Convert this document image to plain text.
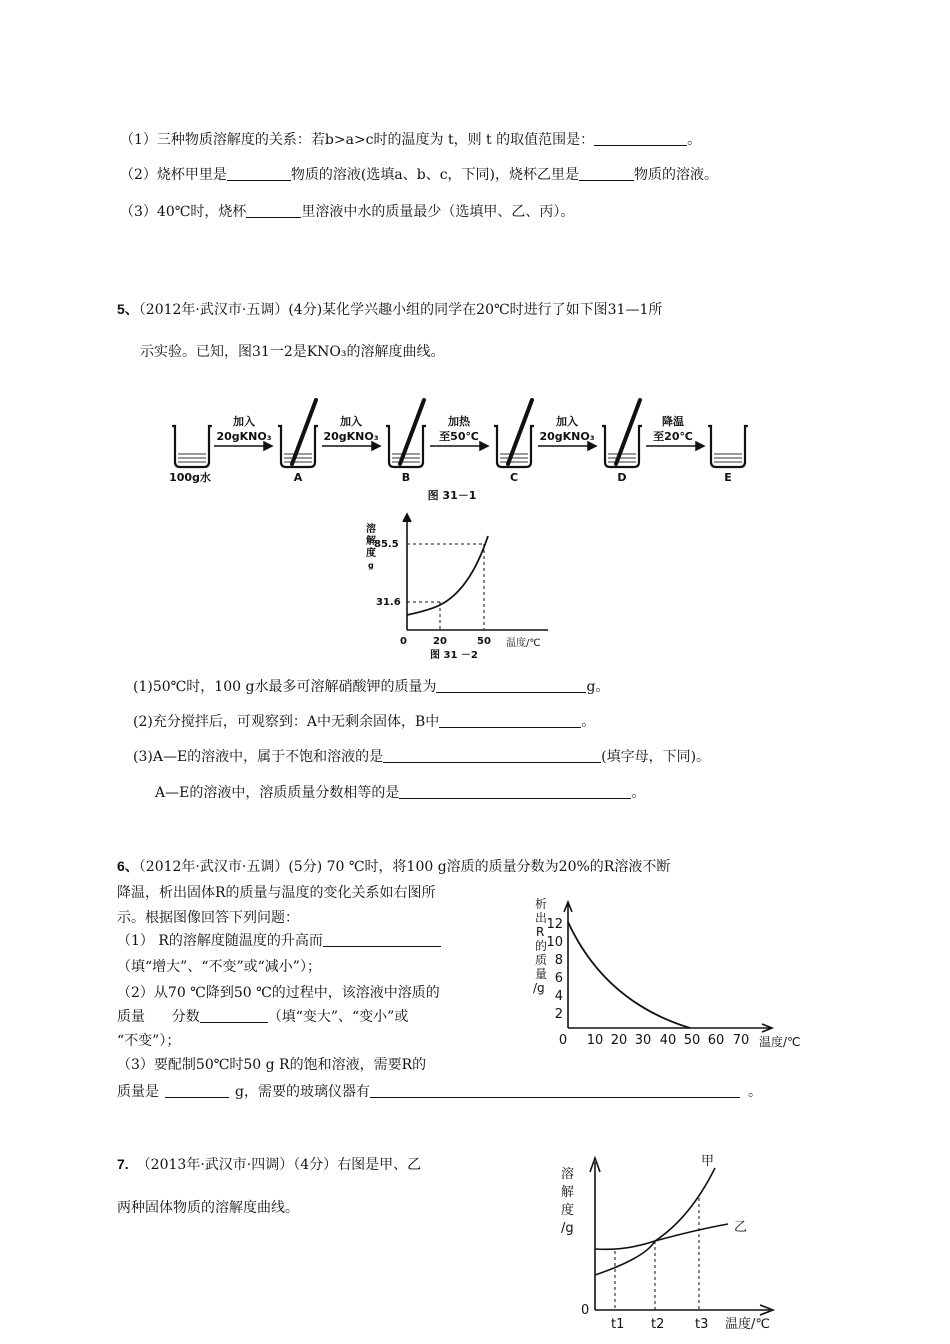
（1）三种物质溶解度的关系：若b>a>c时的温度为 t，则 t 的取值范围是：	。
（2）烧杯甲里是	物质的溶液(选填a、b、c，下同)，烧杯乙里是	物质的溶液。
（3）40℃时，烧杯	里溶液中水的质量最少（选填甲、乙、丙）。
5、（2012年·武汉市·五调）(4分)某化学兴趣小组的同学在20℃时进行了如下图31—1所
示实验。已知，图31一2是KNO₃的溶解度曲线。
加入
20gKNO₃
加入
20gKNO₃
加热
至50℃
加入
20gKNO₃
降温
至20℃
100g水	A	B	C	D	E
图 31－1
溶
解
度
g
85.5
31.6
0	20	50 温度/℃
图 31 －2
(1)50℃时，100 g水最多可溶解硝酸钾的质量为	g。
(2)充分搅拌后，可观察到：A中无剩余固体，B中	。
(3)A—E的溶液中，属于不饱和溶液的是	(填字母，下同)。
A—E的溶液中，溶质质量分数相等的是	。
6、（2012年·武汉市·五调）(5分) 70 ℃时，将100 g溶质的质量分数为20%的R溶液不断
降温，析出固体R的质量与温度的变化关系如右图所
示。根据图像回答下列问题：
（1） R的溶解度随温度的升高而
（填“增大”、“不变”或“减小”）；
（2）从70 ℃降到50 ℃的过程中，该溶液中溶质的
质量      分数	（填“变大”、“变小”或
“不变”）；
（3）要配制50℃时50 g R的饱和溶液，需要R的
质量是	g，需要的玻璃仪器有	。
析
出
R
的
质
量
/g
12
10
8
6
4
2
0 10 20 30 40 50 60 70 温度/℃
7. （2013年·武汉市·四调）（4分）右图是甲、乙
两种固体物质的溶解度曲线。
溶
解
度
/g
0
甲
乙
t1 t2 t3 温度/℃
